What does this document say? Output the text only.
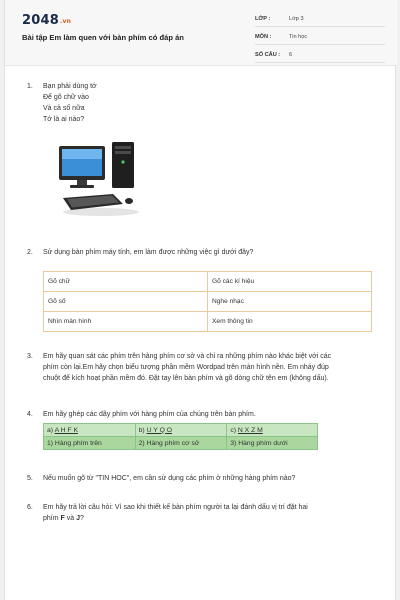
2048.vn
Bài tập Em làm quen với bàn phím có đáp án
LỚP :	Lớp 3
MÔN :	Tin học
SỐ CÂU : 6
1. Bạn phải dùng tớ
Để gõ chữ vào
Và cả số nữa
Tớ là ai nào?
2. Sử dụng bàn phím máy tính, em làm được những việc gì dưới đây?
Gõ chữ	Gõ các kí hiệu
Gõ số	Nghe nhạc
Nhìn màn hình	Xem thông tin
3. Em hãy quan sát các phím trên hàng phím cơ sở và chỉ ra những phím nào khác biệt với các
phím còn lại.Em hãy chọn biểu tượng phần mềm Wordpad trên màn hình nền. Em nháy đúp
chuột để kích hoạt phần mềm đó. Đặt tay lên bàn phím và gõ dòng chữ tên em (không dấu).
4. Em hãy ghép các dãy phím với hàng phím của chúng trên bàn phím.
a) A H F K	b) U Y Q O	c) N X Z M
1) Hàng phím trên	2) Hàng phím cơ sở	3) Hàng phím dưới
5. Nếu muốn gõ từ "TIN HOC", em cần sử dụng các phím ở những hàng phím nào?
6. Em hãy trả lời câu hỏi: Vì sao khi thiết kế bàn phím người ta lại đánh dấu vị trí đặt hai
phím F và J?
